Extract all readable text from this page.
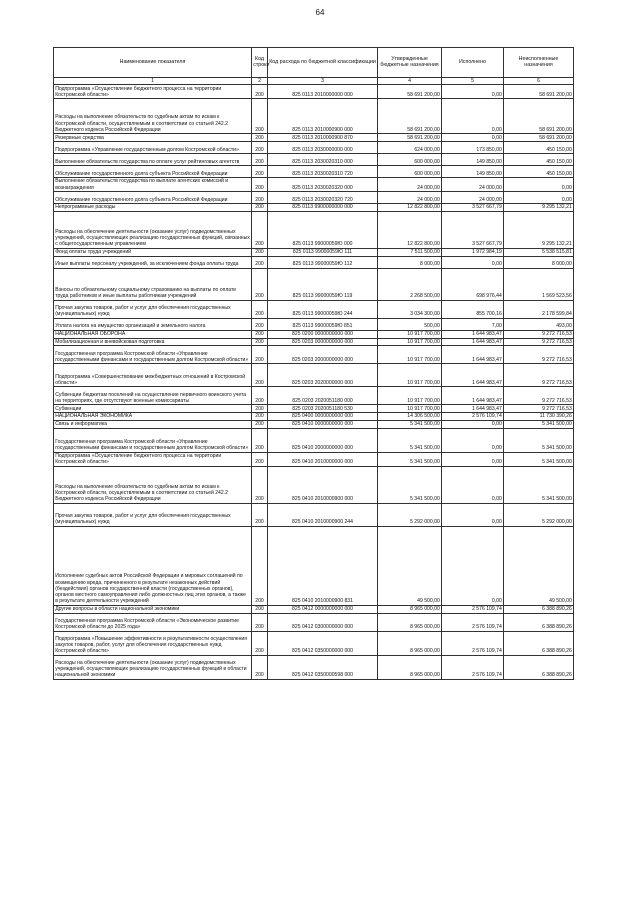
64
Наименование показателя	Код строки	Код расхода по бюджетной классификации	Утвержденные бюджетные назначения	Исполнено	Неисполненные назначения
1	2	3	4	5	6
Подпрограмма «Осуществление бюджетного процесса на территории Костромской области»	200	825 0113 2010000000 000	58 691 200,00	0,00	58 691 200,00
Расходы на выполнение обязательств по судебным актам по искам к Костромской области, осуществляемым в соответствии со статьей 242.2 Бюджетного кодекса Российской Федерации	200	825 0113 2010000900 000	58 691 200,00	0,00	58 691 200,00
Резервные средства	200	825 0113 2010000900 870	58 691 200,00	0,00	58 691 200,00
Подпрограмма «Управление государственным долгом Костромской области»	200	825 0113 2030000000 000	624 000,00	173 850,00	450 150,00
Выполнение обязательств государства по оплате услуг рейтинговых агентств	200	825 0113 2030020310 000	600 000,00	149 850,00	450 150,00
Обслуживание государственного долга субъекта Российской Федерации	200	825 0113 2030020310 720	600 000,00	149 850,00	450 150,00
Выполнение обязательств государства по выплате агентских комиссий и вознаграждения	200	825 0113 2030020320 000	24 000,00	24 000,00	0,00
Обслуживание государственного долга субъекта Российской Федерации	200	825 0113 2030020320 720	24 000,00	24 000,00	0,00
Непрограммные расходы	200	825 0113 9900000000 000	12 822 800,00	3 527 667,79	9 295 132,21
Расходы на обеспечение деятельности (оказание услуг) подведомственных учреждений, осуществляющих реализацию государственных функций, связанных с общегосударственным управлением	200	825 0113 99000059Ю 000	12 822 800,00	3 527 667,79	9 295 132,21
Фонд оплаты труда учреждений	200	825 0113 99000059Ю 111	7 511 500,00	1 972 984,19	5 538 515,81
Иные выплаты персоналу учреждений, за исключением фонда оплаты труда	200	825 0113 99000059Ю 112	8 000,00	0,00	8 000,00
Взносы по обязательному социальному страхованию на выплаты по оплате труда работников и иные выплаты работникам учреждений	200	825 0113 99000059Ю 119	2 268 500,00	698 976,44	1 569 523,56
Прочая закупка товаров, работ и услуг для обеспечения государственных (муниципальных) нужд	200	825 0113 99000059Ю 244	3 034 300,00	855 700,16	2 178 599,84
Уплата налога на имущество организаций и земельного налога	200	825 0113 99000059Ю 851	500,00	7,00	493,00
НАЦИОНАЛЬНАЯ ОБОРОНА	200	825 0200 0000000000 000	10 917 700,00	1 644 983,47	9 272 716,53
Мобилизационная и вневойсковая подготовка	200	825 0203 0000000000 000	10 917 700,00	1 644 983,47	9 272 716,53
Государственная программа Костромской области «Управление государственными финансами и государственным долгом Костромской области»	200	825 0203 2000000000 000	10 917 700,00	1 644 983,47	9 272 716,53
Подпрограмма «Совершенствование межбюджетных отношений в Костромской области»	200	825 0203 2020000000 000	10 917 700,00	1 644 983,47	9 272 716,53
Субвенции бюджетам поселений на осуществление первичного воинского учета на территориях, где отсутствуют военные комиссариаты	200	825 0203 2020051180 000	10 917 700,00	1 644 983,47	9 272 716,53
Субвенции	200	825 0203 2020051180 530	10 917 700,00	1 644 983,47	9 272 716,53
НАЦИОНАЛЬНАЯ ЭКОНОМИКА	200	825 0400 0000000000 000	14 306 500,00	2 576 109,74	11 730 390,26
Связь и информатика	200	825 0410 0000000000 000	5 341 500,00	0,00	5 341 500,00
Государственная программа Костромской области «Управление государственными финансами и государственным долгом Костромской области»	200	825 0410 2000000000 000	5 341 500,00	0,00	5 341 500,00
Подпрограмма «Осуществление бюджетного процесса на территории Костромской области»	200	825 0410 2010000000 000	5 341 500,00	0,00	5 341 500,00
Расходы на выполнение обязательств по судебным актам по искам к Костромской области, осуществляемым в соответствии со статьей 242.2 Бюджетного кодекса Российской Федерации	200	825 0410 2010000900 000	5 341 500,00	0,00	5 341 500,00
Прочая закупка товаров, работ и услуг для обеспечения государственных (муниципальных) нужд	200	825 0410 2010000900 244	5 292 000,00	0,00	5 292 000,00
Исполнение судебных актов Российской Федерации и мировых соглашений по возмещению вреда, причиненного в результате незаконных действий (бездействия) органов государственной власти (государственных органов), органов местного самоуправления либо должностных лиц этих органов, а также в результате деятельности учреждений	200	825 0410 2010000900 831	49 500,00	0,00	49 500,00
Другие вопросы в области национальной экономики	200	825 0412 0000000000 000	8 965 000,00	2 576 109,74	6 388 890,26
Государственная программа Костромской области «Экономическое развитие Костромской области до 2025 года»	200	825 0412 0300000000 000	8 965 000,00	2 576 109,74	6 388 890,26
Подпрограмма «Повышение эффективности и результативности осуществления закупок товаров, работ, услуг для обеспечения государственных нужд Костромской области»	200	825 0412 0350000000 000	8 965 000,00	2 576 109,74	6 388 890,26
Расходы на обеспечение деятельности (оказание услуг) подведомственных учреждений, осуществляющих реализацию государственных функций в области национальной экономики	200	825 0412 0350000598 000	8 965 000,00	2 576 109,74	6 388 890,26
